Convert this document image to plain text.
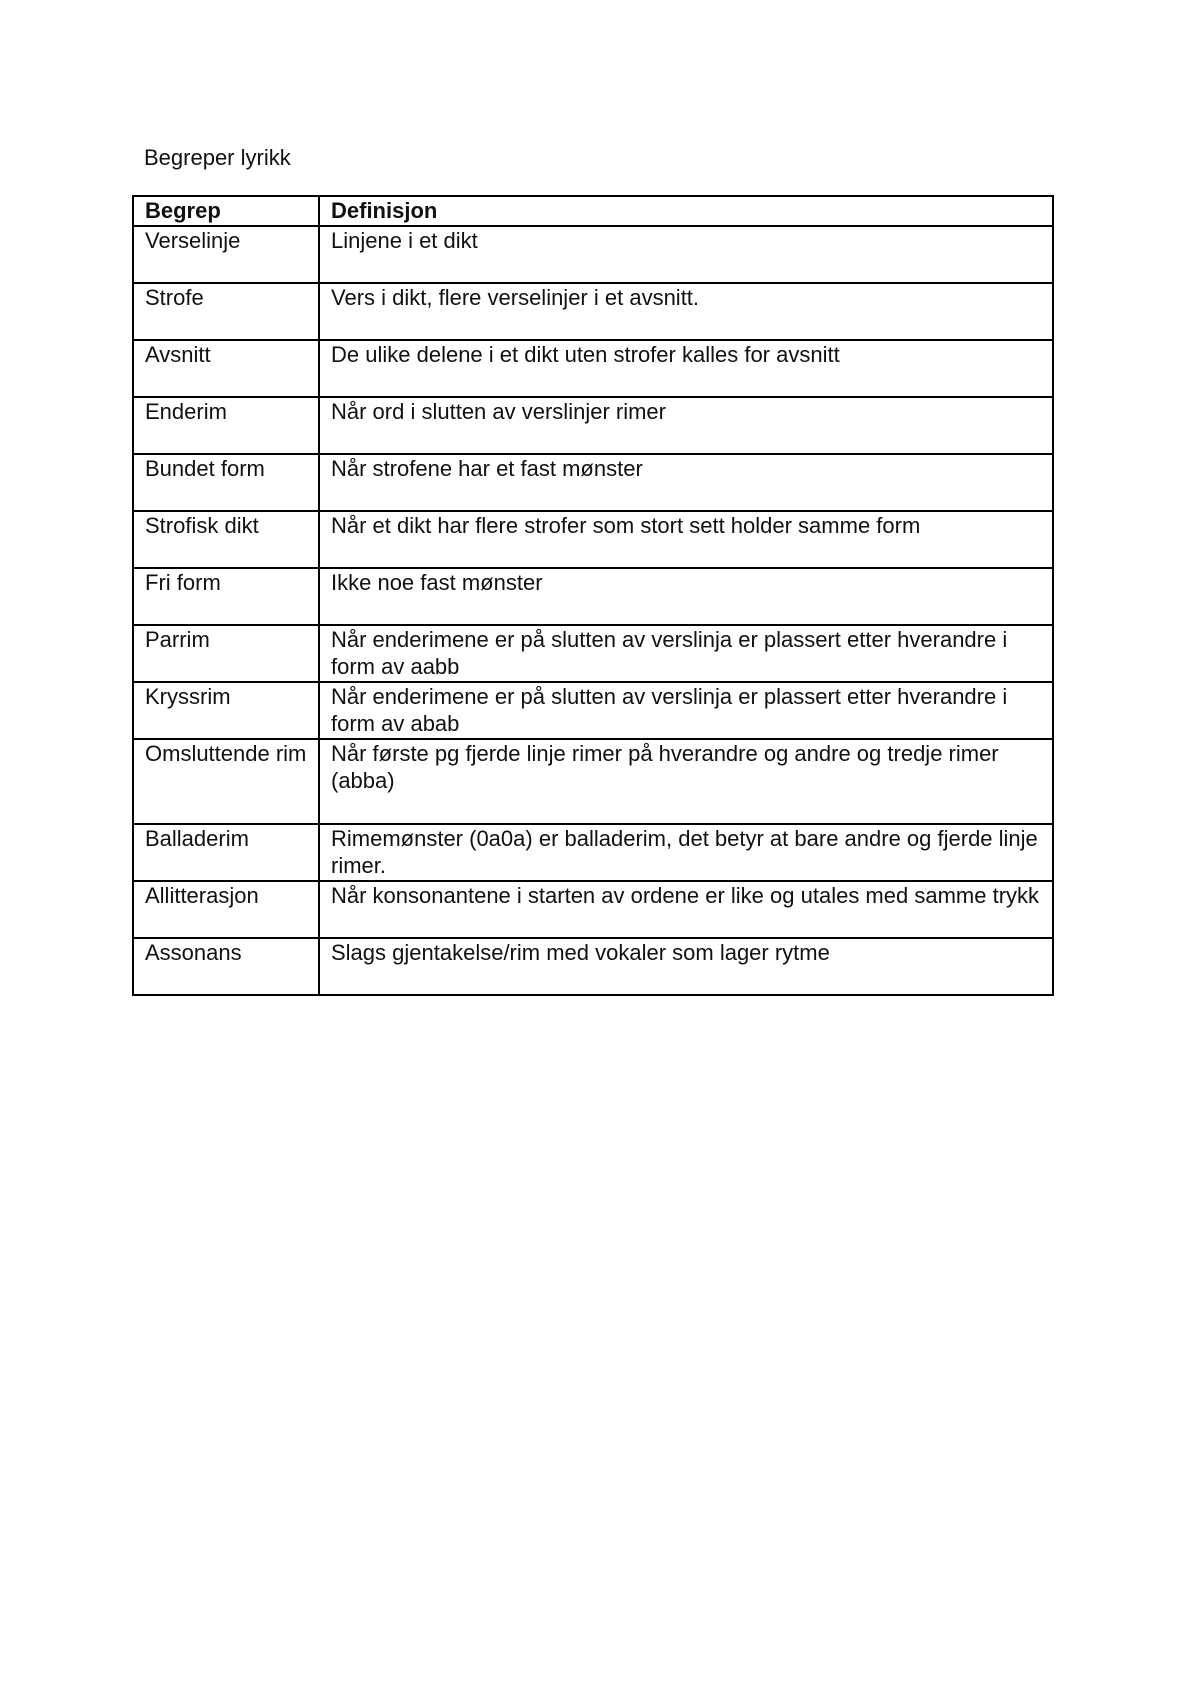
Begreper lyrikk
Begrep	Definisjon
Verselinje	Linjene i et dikt
Strofe	Vers i dikt, flere verselinjer i et avsnitt.
Avsnitt	De ulike delene i et dikt uten strofer kalles for avsnitt
Enderim	Når ord i slutten av verslinjer rimer
Bundet form	Når strofene har et fast mønster
Strofisk dikt	Når et dikt har flere strofer som stort sett holder samme form
Fri form	Ikke noe fast mønster
Parrim	Når enderimene er på slutten av verslinja er plassert etter hverandre i form av aabb
Kryssrim	Når enderimene er på slutten av verslinja er plassert etter hverandre i form av abab
Omsluttende rim	Når første pg fjerde linje rimer på hverandre og andre og tredje rimer (abba)
Balladerim	Rimemønster (0a0a) er balladerim, det betyr at bare andre og fjerde linje rimer.
Allitterasjon	Når konsonantene i starten av ordene er like og utales med samme trykk
Assonans	Slags gjentakelse/rim med vokaler som lager rytme
